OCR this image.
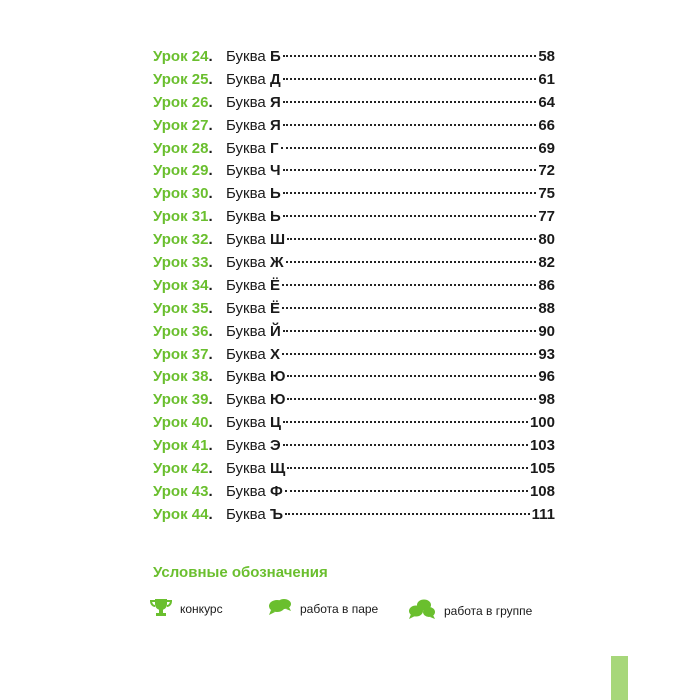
Урок 24. Буква Б	58
Урок 25. Буква Д	61
Урок 26. Буква Я	64
Урок 27. Буква Я	66
Урок 28. Буква Г	69
Урок 29. Буква Ч	72
Урок 30. Буква Ь	75
Урок 31. Буква Ь	77
Урок 32. Буква Ш	80
Урок 33. Буква Ж	82
Урок 34. Буква Ё	86
Урок 35. Буква Ё	88
Урок 36. Буква Й	90
Урок 37. Буква Х	93
Урок 38. Буква Ю	96
Урок 39. Буква Ю	98
Урок 40. Буква Ц	100
Урок 41. Буква Э	103
Урок 42. Буква Щ	105
Урок 43. Буква Ф	108
Урок 44. Буква Ъ	111
Условные обозначения
конкурс	работа в паре	работа в группе
